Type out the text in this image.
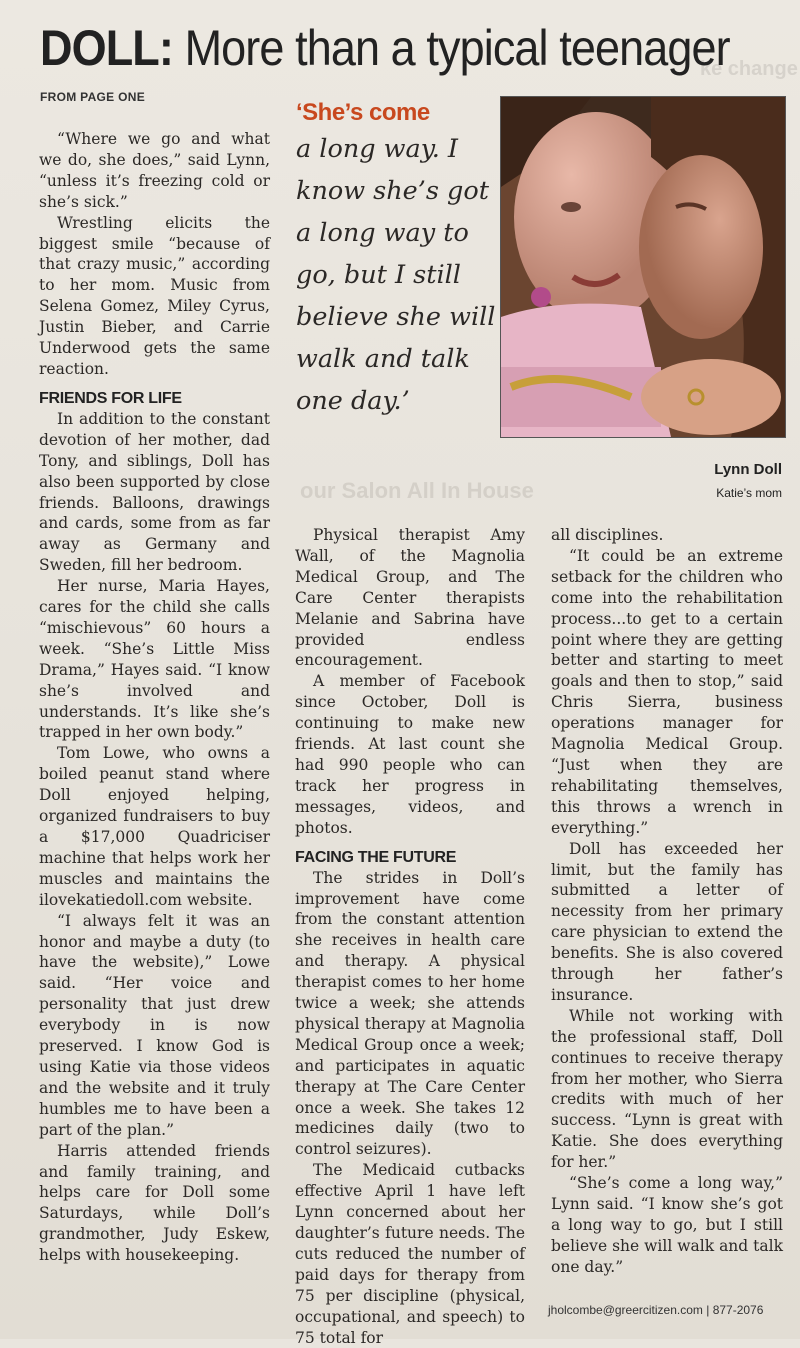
ke change
our Salon All In House
DOLL: More than a typical teenager
FROM PAGE ONE

“Where we go and what we do, she does,” said Lynn, “unless it’s freezing cold or she’s sick.”

Wrestling elicits the biggest smile “because of that crazy music,” according to her mom. Music from Selena Gomez, Miley Cyrus, Justin Bieber, and Carrie Underwood gets the same reaction.

FRIENDS FOR LIFE

In addition to the constant devotion of her mother, dad Tony, and siblings, Doll has also been supported by close friends. Balloons, drawings and cards, some from as far away as Germany and Sweden, fill her bedroom.

Her nurse, Maria Hayes, cares for the child she calls “mischievous” 60 hours a week. “She’s Little Miss Drama,” Hayes said. “I know she’s involved and understands. It’s like she’s trapped in her own body.”

Tom Lowe, who owns a boiled peanut stand where Doll enjoyed helping, organized fundraisers to buy a $17,000 Quadriciser machine that helps work her muscles and maintains the ilovekatiedoll.com website.

“I always felt it was an honor and maybe a duty (to have the website),” Lowe said. “Her voice and personality that just drew everybody in is now preserved. I know God is using Katie via those videos and the website and it truly humbles me to have been a part of the plan.”

Harris attended friends and family training, and helps care for Doll some Saturdays, while Doll’s grandmother, Judy Eskew, helps with housekeeping.

‘She’s come
a long way. I know she’s got a long way to go, but I still believe she will walk and talk one day.’
Lynn Doll
Katie’s mom

Physical therapist Amy Wall, of the Magnolia Medical Group, and The Care Center therapists Melanie and Sabrina have provided endless encouragement.

A member of Facebook since October, Doll is continuing to make new friends. At last count she had 990 people who can track her progress in messages, videos, and photos.

FACING THE FUTURE

The strides in Doll’s improvement have come from the constant attention she receives in health care and therapy. A physical therapist comes to her home twice a week; she attends physical therapy at Magnolia Medical Group once a week; and participates in aquatic therapy at The Care Center once a week. She takes 12 medicines daily (two to control seizures).

The Medicaid cutbacks effective April 1 have left Lynn concerned about her daughter’s future needs. The cuts reduced the number of paid days for therapy from 75 per discipline (physical, occupational, and speech) to 75 total for

all disciplines.

“It could be an extreme setback for the children who come into the rehabilitation process...to get to a certain point where they are getting better and starting to meet goals and then to stop,” said Chris Sierra, business operations manager for Magnolia Medical Group. “Just when they are rehabilitating themselves, this throws a wrench in everything.”

Doll has exceeded her limit, but the family has submitted a letter of necessity from her primary care physician to extend the benefits. She is also covered through her father’s insurance.

While not working with the professional staff, Doll continues to receive therapy from her mother, who Sierra credits with much of her success. “Lynn is great with Katie. She does everything for her.”

“She’s come a long way,” Lynn said. “I know she’s got a long way to go, but I still believe she will walk and talk one day.”

jholcombe@greercitizen.com | 877-2076
